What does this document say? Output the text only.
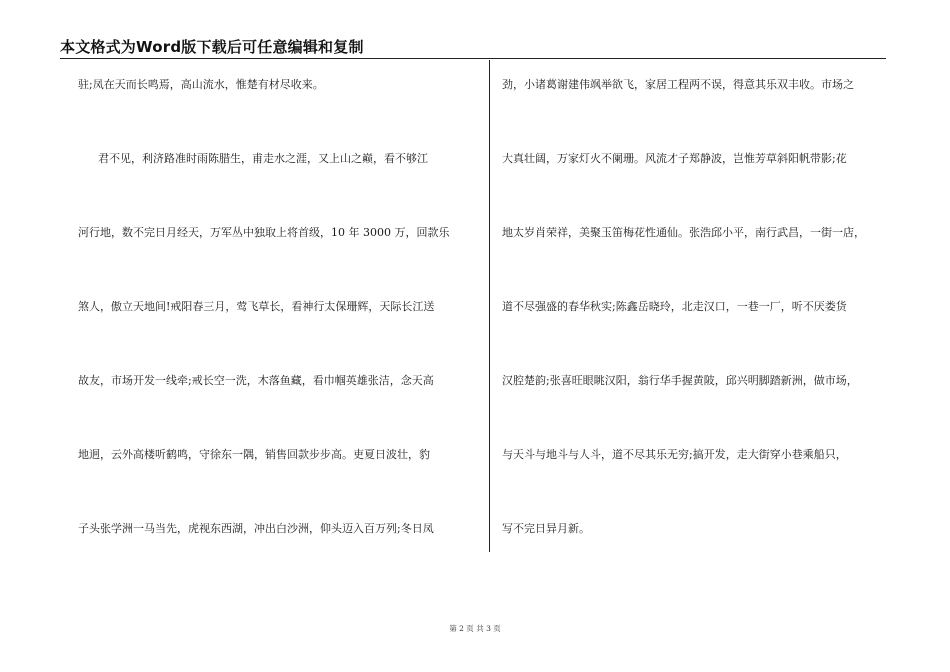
本文格式为Word版下载后可任意编辑和复制
驻;凤在天而长鸣焉，高山流水，惟楚有材尽收来。
君不见，利济路准时雨陈腊生，甫走水之涯，又上山之巅，看不够江
河行地，数不完日月经天，万军丛中独取上将首级，10 年 3000 万，回款乐
煞人，傲立天地间!戒阳春三月，莺飞草长，看神行太保珊辉，天际长江送
故友，市场开发一线牵;戒长空一洗，木落鱼藏，看巾帼英雄张洁，念天高
地迥，云外高楼听鹤鸣，守徐东一隅，销售回款步步高。吏夏日波壮，豹
子头张学洲一马当先，虎视东西湖，冲出白沙洲，仰头迈入百万列;冬日凤
劲，小诸葛谢建伟飒举欲飞，家居工程两不误，得意其乐双丰收。市场之
大真壮阔，万家灯火不阑珊。风流才子郑静波，岂惟芳草斜阳帆带影;花
地太岁肖荣祥，美聚玉笛梅花性通仙。张浩邱小平，南行武昌，一街一店，
道不尽强盛的春华秋实;陈鑫岳晓玲，北走汉口，一巷一厂，听不厌娄货
汉腔楚韵;张喜旺眼眺汉阳，翁行华手握黄陂，邱兴明脚踏新洲，做市场，
与天斗与地斗与人斗，道不尽其乐无穷;搞开发，走大街穿小巷乘船只，
写不完日异月新。
第 2 页 共 3 页
